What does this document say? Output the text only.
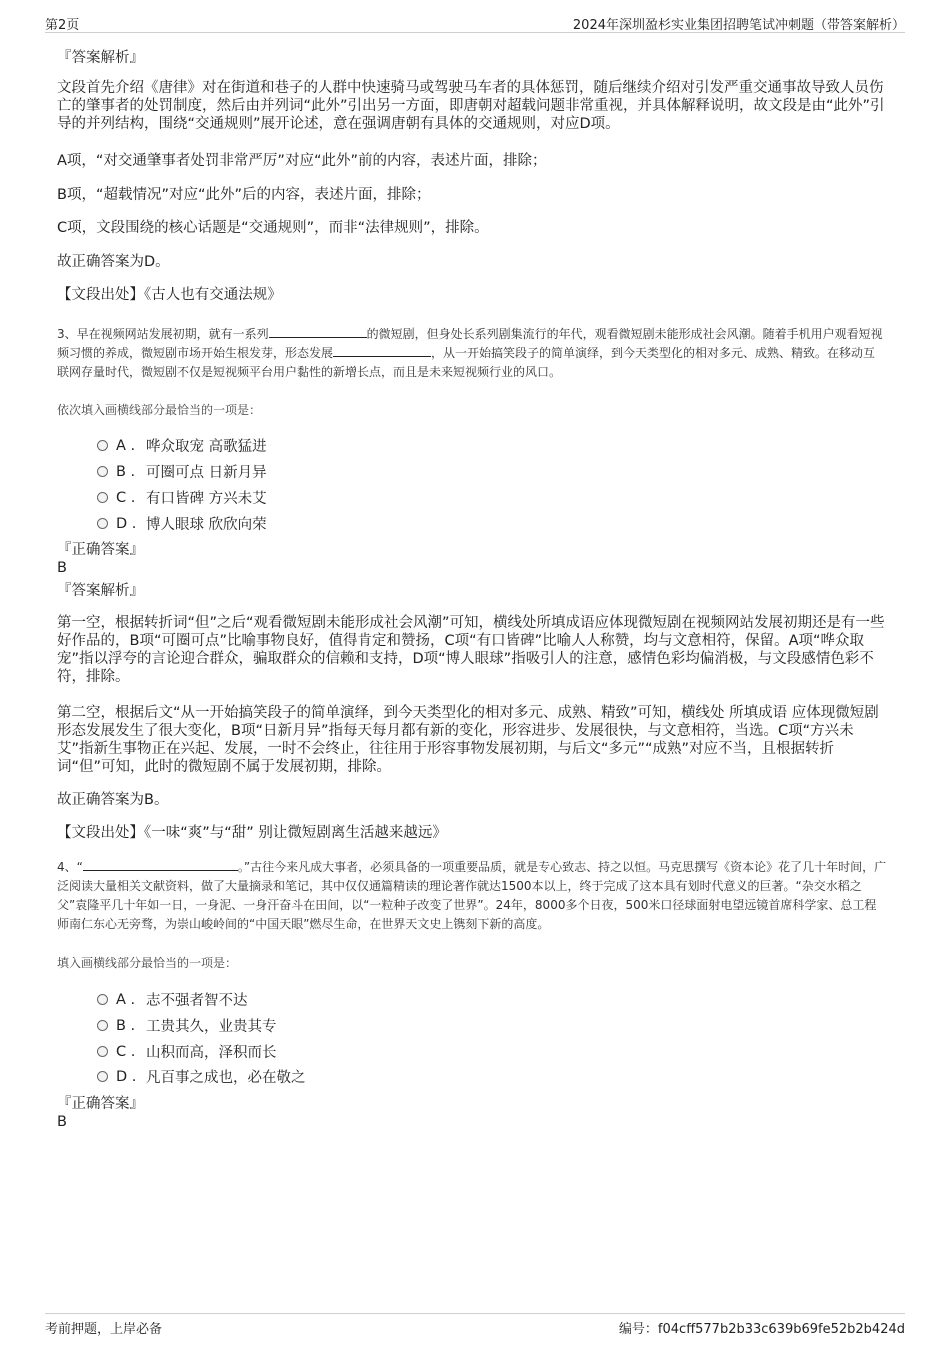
第2页	2024年深圳盈杉实业集团招聘笔试冲刺题（带答案解析）
『答案解析』

文段首先介绍《唐律》对在街道和巷子的人群中快速骑马或驾驶马车者的具体惩罚，随后继续介绍对引发严重交通事故导致人员伤亡的肇事者的处罚制度，然后由并列词“此外”引出另一方面，即唐朝对超载问题非常重视，并具体解释说明，故文段是由“此外”引导的并列结构，围绕“交通规则”展开论述，意在强调唐朝有具体的交通规则，对应D项。

A项，“对交通肇事者处罚非常严厉”对应“此外”前的内容，表述片面，排除；
B项，“超载情况”对应“此外”后的内容，表述片面，排除；
C项，文段围绕的核心话题是“交通规则”，而非“法律规则”，排除。
故正确答案为D。
【文段出处】《古人也有交通法规》

3、早在视频网站发展初期，就有一系列	的微短剧，但身处长系列剧集流行的年代，观看微短剧未能形成社会风潮。随着手机用户观看短视频习惯的养成，微短剧市场开始生根发芽，形态发展	，从一开始搞笑段子的简单演绎，到今天类型化的相对多元、成熟、精致。在移动互联网存量时代，微短剧不仅是短视频平台用户黏性的新增长点，而且是未来短视频行业的风口。

依次填入画横线部分最恰当的一项是：
A . 哗众取宠 高歌猛进
B . 可圈可点 日新月异
C . 有口皆碑 方兴未艾
D . 博人眼球 欣欣向荣
『正确答案』
B
『答案解析』

第一空，根据转折词“但”之后“观看微短剧未能形成社会风潮”可知，横线处所填成语应体现微短剧在视频网站发展初期还是有一些好作品的，B项“可圈可点”比喻事物良好，值得肯定和赞扬，C项“有口皆碑”比喻人人称赞，均与文意相符，保留。A项“哗众取宠”指以浮夸的言论迎合群众，骗取群众的信赖和支持，D项“博人眼球”指吸引人的注意，感情色彩均偏消极，与文段感情色彩不符，排除。

第二空，根据后文“从一开始搞笑段子的简单演绎，到今天类型化的相对多元、成熟、精致”可知，横线处 所填成语 应体现微短剧形态发展发生了很大变化，B项“日新月异”指每天每月都有新的变化，形容进步、发展很快，与文意相符，当选。C项“方兴未艾”指新生事物正在兴起、发展，一时不会终止，往往用于形容事物发展初期，与后文“多元”“成熟”对应不当，且根据转折词“但”可知，此时的微短剧不属于发展初期，排除。

故正确答案为B。
【文段出处】《一味“爽”与“甜” 别让微短剧离生活越来越远》

4、“	。”古往今来凡成大事者，必须具备的一项重要品质，就是专心致志、持之以恒。马克思撰写《资本论》花了几十年时间，广泛阅读大量相关文献资料，做了大量摘录和笔记，其中仅仅通篇精读的理论著作就达1500本以上，终于完成了这本具有划时代意义的巨著。“杂交水稻之父”袁隆平几十年如一日，一身泥、一身汗奋斗在田间，以“一粒种子改变了世界”。24年，8000多个日夜，500米口径球面射电望远镜首席科学家、总工程师南仁东心无旁骛，为崇山峻岭间的“中国天眼”燃尽生命，在世界天文史上镌刻下新的高度。

填入画横线部分最恰当的一项是：
A . 志不强者智不达
B . 工贵其久，业贵其专
C . 山积而高，泽积而长
D . 凡百事之成也，必在敬之
『正确答案』
B
考前押题，上岸必备	编号：f04cff577b2b33c639b69fe52b2b424d
